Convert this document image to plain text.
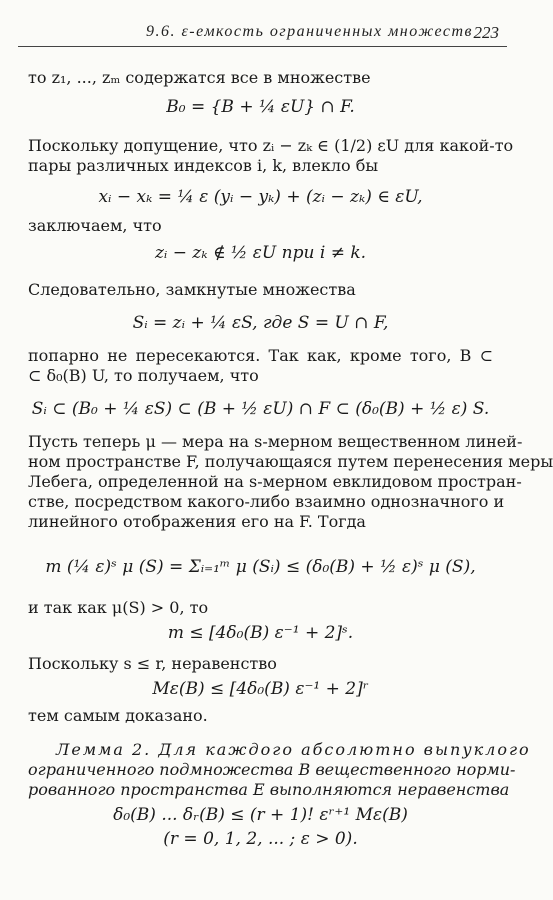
9.6. ε-емкость ограниченных множеств 223
то z₁, ..., zₘ содержатся все в множестве
B₀ = {B + ¼ εU} ∩ F.
Поскольку допущение, что zᵢ − zₖ ∈ (1/2) εU для какой-то
пары различных индексов i, k, влекло бы
xᵢ − xₖ = ¼ ε (yᵢ − yₖ) + (zᵢ − zₖ) ∈ εU,
заключаем, что
zᵢ − zₖ ∉ ½ εU при i ≠ k.
Следовательно, замкнутые множества
Sᵢ = zᵢ + ¼ εS, где S = U ∩ F,
попарно не пересекаются. Так как, кроме того, B ⊂
⊂ δ₀(B) U, то получаем, что
Sᵢ ⊂ (B₀ + ¼ εS) ⊂ (B + ½ εU) ∩ F ⊂ (δ₀(B) + ½ ε) S.
Пусть теперь μ — мера на s-мерном вещественном линей-
ном пространстве F, получающаяся путем перенесения меры
Лебега, определенной на s-мерном евклидовом простран-
стве, посредством какого-либо взаимно однозначного и
линейного отображения его на F. Тогда
m (¼ ε)ˢ μ (S) = Σᵢ₌₁ᵐ μ (Sᵢ) ≤ (δ₀(B) + ½ ε)ˢ μ (S),
и так как μ(S) > 0, то
m ≤ [4δ₀(B) ε⁻¹ + 2]ˢ.
Поскольку s ≤ r, неравенство
Mε(B) ≤ [4δ₀(B) ε⁻¹ + 2]ʳ
тем самым доказано.
Лемма 2. Для каждого абсолютно выпуклого
ограниченного подмножества B вещественного норми-
рованного пространства E выполняются неравенства
δ₀(B) ... δᵣ(B) ≤ (r + 1)! εʳ⁺¹ Mε(B)
(r = 0, 1, 2, ... ; ε > 0).
